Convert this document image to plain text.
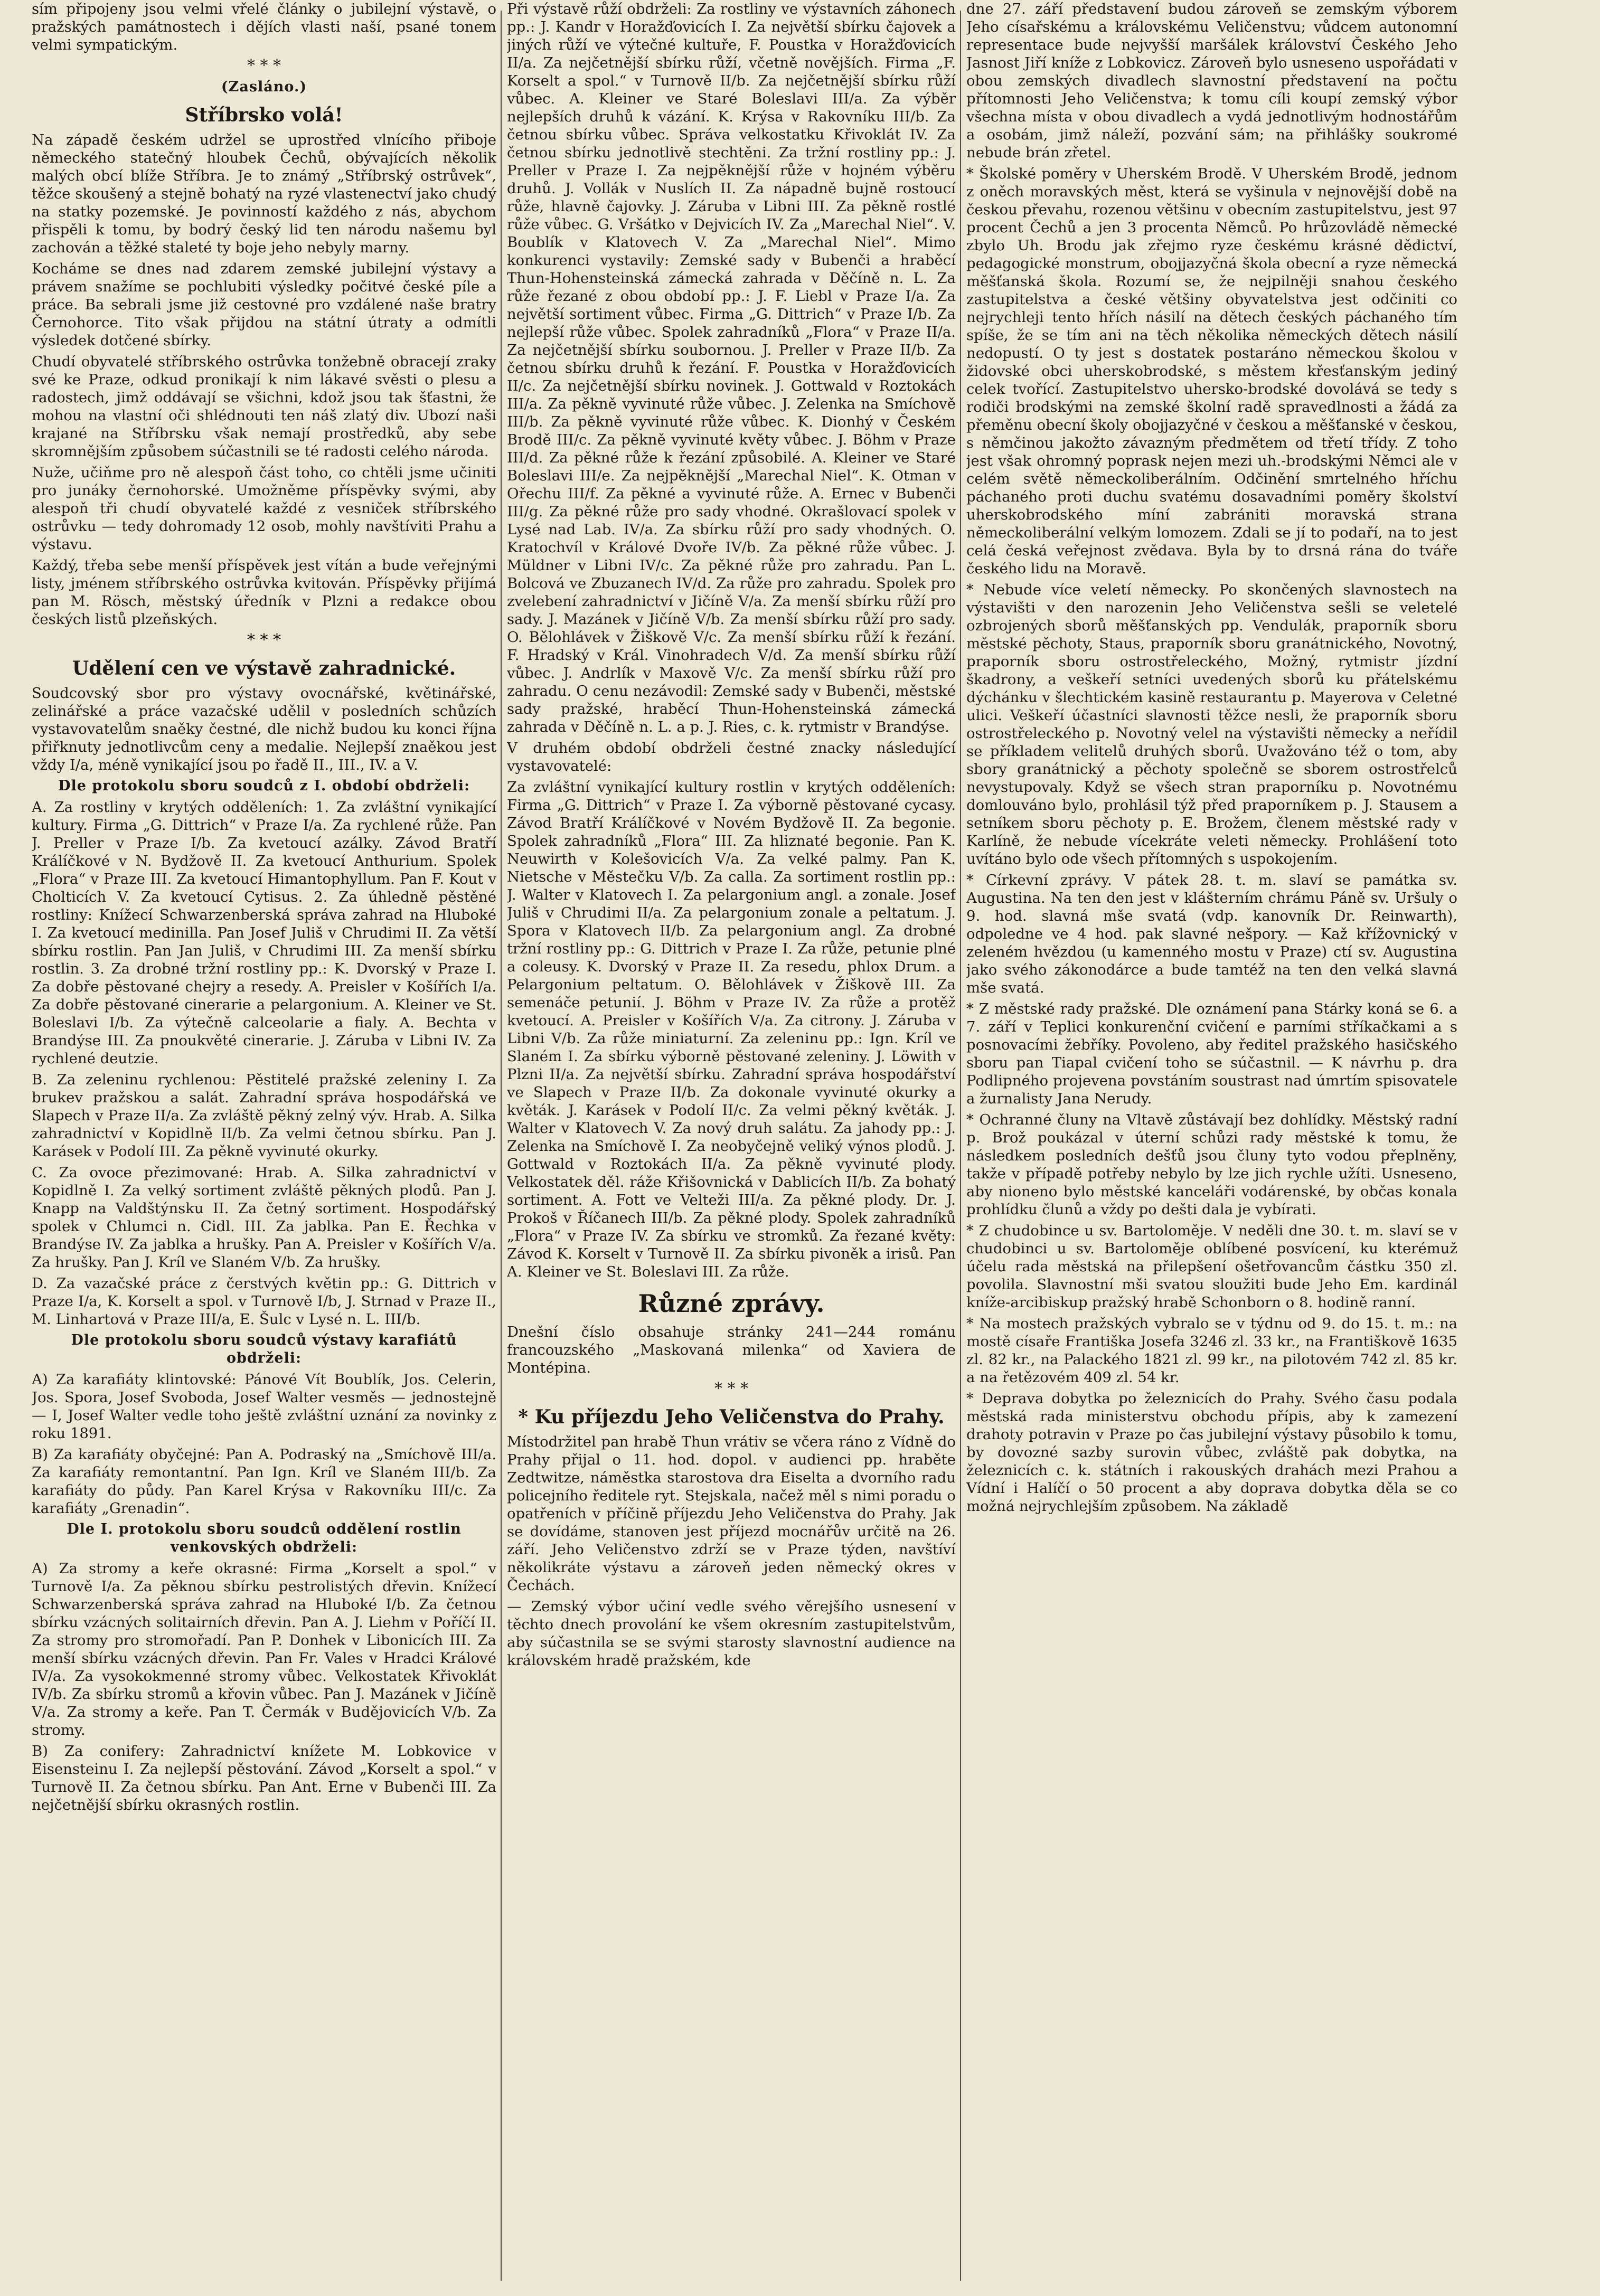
sím připojeny jsou velmi vřelé články o jubilejní výstavě, o pražských památnostech i dějích vlasti naší, psané tonem velmi sympatickým.

* * *

(Zasláno.)

Stříbrsko volá!

Na západě českém udržel se uprostřed vlnícího přiboje německého statečný hloubek Čechů, obývajících několik malých obcí blíže Stříbra. Je to známý „Stříbrský ostrůvek“, těžce skoušený a stejně bohatý na ryzé vlastenectví jako chudý na statky pozemské. Je povinností každého z nás, abychom přispěli k tomu, by bodrý český lid ten národu našemu byl zachován a těžké staleté ty boje jeho nebyly marny.

Kocháme se dnes nad zdarem zemské jubilejní výstavy a právem snažíme se pochlubiti výsledky počitvé české píle a práce. Ba sebrali jsme již cestovné pro vzdálené naše bratry Černohorce. Tito však přijdou na státní útraty a odmítli výsledek dotčené sbírky.

Chudí obyvatelé stříbrského ostrůvka tonžebně obracejí zraky své ke Praze, odkud pronikají k nim lákavé svěsti o plesu a radostech, jimž oddávají se všichni, kdož jsou tak šťastni, že mohou na vlastní oči shlédnouti ten náš zlatý div. Ubozí naši krajané na Stříbrsku však nemají prostředků, aby sebe skromnějším způsobem súčastnili se té radosti celého národa.

Nuže, učiňme pro ně alespoň část toho, co chtěli jsme učiniti pro junáky černohorské. Umožněme příspěvky svými, aby alespoň tři chudí obyvatelé každé z vesniček stříbrského ostrůvku — tedy dohromady 12 osob, mohly navštíviti Prahu a výstavu.

Každý, třeba sebe menší příspěvek jest vítán a bude veřejnými listy, jménem stříbrského ostrůvka kvitován. Příspěvky přijímá pan M. Rösch, městský úředník v Plzni a redakce obou českých listů plzeňských.

* * *

Udělení cen ve výstavě zahradnické.

Soudcovský sbor pro výstavy ovocnářské, květinářské, zelinářské a práce vazačské udělil v posledních schůzích vystavovatelům snaěky čestné, dle nichž budou ku konci října přiřknuty jednotlivcům ceny a medalie. Nejlepší znaěkou jest vždy I/a, méně vynikající jsou po řadě II., III., IV. a V.

Dle protokolu sboru soudců z I. období obdrželi:

A. Za rostliny v krytých odděleních: 1. Za zvláštní vynikající kultury. Firma „G. Dittrich“ v Praze I/a. Za rychlené růže. Pan J. Preller v Praze I/b. Za kvetoucí azálky. Závod Bratří Králíčkové v N. Bydžově II. Za kvetoucí Anthurium. Spolek „Flora“ v Praze III. Za kvetoucí Himantophyllum. Pan F. Kout v Cholticích V. Za kvetoucí Cytisus. 2. Za úhledně pěstěné rostliny: Knížecí Schwarzenberská správa zahrad na Hluboké I. Za kvetoucí medinilla. Pan Josef Juliš v Chrudimi II. Za větší sbírku rostlin. Pan Jan Juliš, v Chrudimi III. Za menší sbírku rostlin. 3. Za drobné tržní rostliny pp.: K. Dvorský v Praze I. Za dobře pěstované chejry a resedy. A. Preisler v Košířích I/a. Za dobře pěstované cinerarie a pelargonium. A. Kleiner ve St. Boleslavi I/b. Za výtečně calceolarie a fialy. A. Bechta v Brandýse III. Za pnoukvěté cinerarie. J. Záruba v Libni IV. Za rychlené deutzie.

B. Za zeleninu rychlenou: Pěstitelé pražské zeleniny I. Za brukev pražskou a salát. Zahradní správa hospodářská ve Slapech v Praze II/a. Za zvláště pěkný zelný výv. Hrab. A. Silka zahradnictví v Kopidlně II/b. Za velmi četnou sbírku. Pan J. Karásek v Podolí III. Za pěkně vyvinuté okurky.

C. Za ovoce přezimované: Hrab. A. Silka zahradnictví v Kopidlně I. Za velký sortiment zvláště pěkných plodů. Pan J. Knapp na Valdštýnsku II. Za četný sortiment. Hospodářský spolek v Chlumci n. Cidl. III. Za jablka. Pan E. Řechka v Brandýse IV. Za jablka a hrušky. Pan A. Preisler v Košířích V/a. Za hrušky. Pan J. Kríl ve Slaném V/b. Za hrušky.

D. Za vazačské práce z čerstvých květin pp.: G. Dittrich v Praze I/a, K. Korselt a spol. v Turnově I/b, J. Strnad v Praze II., M. Linhartová v Praze III/a, E. Šulc v Lysé n. L. III/b.

Dle protokolu sboru soudců výstavy karafiátů obdrželi:

A) Za karafiáty klintovské: Pánové Vít Boublík, Jos. Celerin, Jos. Spora, Josef Svoboda, Josef Walter vesměs — jednostejně — I, Josef Walter vedle toho ještě zvláštní uznání za novinky z roku 1891.

B) Za karafiáty obyčejné: Pan A. Podraský na „Smíchově III/a. Za karafiáty remontantní. Pan Ign. Kríl ve Slaném III/b. Za karafiáty do půdy. Pan Karel Krýsa v Rakovníku III/c. Za karafiáty „Grenadin“.

Dle I. protokolu sboru soudců oddělení rostlin venkovských obdrželi:

A) Za stromy a keře okrasné: Firma „Korselt a spol.“ v Turnově I/a. Za pěknou sbírku pestrolistých dřevin. Knížecí Schwarzenberská správa zahrad na Hluboké I/b. Za četnou sbírku vzácných solitairních dřevin. Pan A. J. Liehm v Poříčí II. Za stromy pro stromořadí. Pan P. Donhek v Libonicích III. Za menší sbírku vzácných dřevin. Pan Fr. Vales v Hradci Králové IV/a. Za vysokokmenné stromy vůbec. Velkostatek Křivoklát IV/b. Za sbírku stromů a křovin vůbec. Pan J. Mazánek v Jičíně V/a. Za stromy a keře. Pan T. Čermák v Budějovicích V/b. Za stromy.

B) Za conifery: Zahradnictví knížete M. Lobkovice v Eisensteinu I. Za nejlepší pěstování. Závod „Korselt a spol.“ v Turnově II. Za četnou sbírku. Pan Ant. Erne v Bubenči III. Za nejčetnější sbírku okrasných rostlin.

Při výstavě růží obdrželi: Za rostliny ve výstavních záhonech pp.: J. Kandr v Horažďovicích I. Za největší sbírku čajovek a jiných růží ve výtečné kultuře, F. Poustka v Horažďovicích II/a. Za nejčetnější sbírku růží, včetně novějších. Firma „F. Korselt a spol.“ v Turnově II/b. Za nejčetnější sbírku růží vůbec. A. Kleiner ve Staré Boleslavi III/a. Za výběr nejlepších druhů k vázání. K. Krýsa v Rakovníku III/b. Za četnou sbírku vůbec. Správa velkostatku Křivoklát IV. Za četnou sbírku jednotlivě stechtěni. Za tržní rostliny pp.: J. Preller v Praze I. Za nejpěknější růže v hojném výběru druhů. J. Vollák v Nuslích II. Za nápadně bujně rostoucí růže, hlavně čajovky. J. Záruba v Libni III. Za pěkně rostlé růže vůbec. G. Vršátko v Dejvicích IV. Za „Marechal Niel“. V. Boublík v Klatovech V. Za „Marechal Niel“. Mimo konkurenci vystavily: Zemské sady v Bubenči a hraběcí Thun-Hohensteinská zámecká zahrada v Děčíně n. L. Za růže řezané z obou období pp.: J. F. Liebl v Praze I/a. Za největší sortiment vůbec. Firma „G. Dittrich“ v Praze I/b. Za nejlepší růže vůbec. Spolek zahradníků „Flora“ v Praze II/a. Za nejčetnější sbírku soubornou. J. Preller v Praze II/b. Za četnou sbírku druhů k řezání. F. Poustka v Horažďovicích II/c. Za nejčetnější sbírku novinek. J. Gottwald v Roztokách III/a. Za pěkně vyvinuté růže vůbec. J. Zelenka na Smíchově III/b. Za pěkně vyvinuté růže vůbec. K. Dionhý v Českém Brodě III/c. Za pěkně vyvinuté květy vůbec. J. Böhm v Praze III/d. Za pěkné růže k řezání způsobilé. A. Kleiner ve Staré Boleslavi III/e. Za nejpěknější „Marechal Niel“. K. Otman v Ořechu III/f. Za pěkné a vyvinuté růže. A. Ernec v Bubenči III/g. Za pěkné růže pro sady vhodné. Okrašlovací spolek v Lysé nad Lab. IV/a. Za sbírku růží pro sady vhodných. O. Kratochvíl v Králové Dvoře IV/b. Za pěkné růže vůbec. J. Müldner v Libni IV/c. Za pěkné růže pro zahradu. Pan L. Bolcová ve Zbuzanech IV/d. Za růže pro zahradu. Spolek pro zvelebení zahradnictví v Jičíně V/a. Za menší sbírku růží pro sady. J. Mazánek v Jičíně V/b. Za menší sbírku růží pro sady. O. Bělohlávek v Žiškově V/c. Za menší sbírku růží k řezání. F. Hradský v Král. Vinohradech V/d. Za menší sbírku růží vůbec. J. Andrlík v Maxově V/c. Za menší sbírku růží pro zahradu. O cenu nezávodil: Zemské sady v Bubenči, městské sady pražské, hraběcí Thun-Hohensteinská zámecká zahrada v Děčíně n. L. a p. J. Ries, c. k. rytmistr v Brandýse.

V druhém období obdrželi čestné znacky následující vystavovatelé:

Za zvláštní vynikající kultury rostlin v krytých odděleních: Firma „G. Dittrich“ v Praze I. Za výborně pěstované cycasy. Závod Bratří Králíčkové v Novém Bydžově II. Za begonie. Spolek zahradníků „Flora“ III. Za hliznaté begonie. Pan K. Neuwirth v Kolešovicích V/a. Za velké palmy. Pan K. Nietsche v Městečku V/b. Za calla. Za sortiment rostlin pp.: J. Walter v Klatovech I. Za pelargonium angl. a zonale. Josef Juliš v Chrudimi II/a. Za pelargonium zonale a peltatum. J. Spora v Klatovech II/b. Za pelargonium angl. Za drobné tržní rostliny pp.: G. Dittrich v Praze I. Za růže, petunie plné a coleusy. K. Dvorský v Praze II. Za resedu, phlox Drum. a Pelargonium peltatum. O. Bělohlávek v Žiškově III. Za semenáče petunií. J. Böhm v Praze IV. Za růže a protěž kvetoucí. A. Preisler v Košířích V/a. Za citrony. J. Záruba v Libni V/b. Za růže miniaturní. Za zeleninu pp.: Ign. Kríl ve Slaném I. Za sbírku výborně pěstované zeleniny. J. Löwith v Plzni II/a. Za největší sbírku. Zahradní správa hospodářství ve Slapech v Praze II/b. Za dokonale vyvinuté okurky a květák. J. Karásek v Podolí II/c. Za velmi pěkný květák. J. Walter v Klatovech V. Za nový druh salátu. Za jahody pp.: J. Zelenka na Smíchově I. Za neobyčejně veliký výnos plodů. J. Gottwald v Roztokách II/a. Za pěkně vyvinuté plody. Velkostatek děl. ráže Křišovnická v Dablicích II/b. Za bohatý sortiment. A. Fott ve Velteži III/a. Za pěkné plody. Dr. J. Prokoš v Říčanech III/b. Za pěkné plody. Spolek zahradníků „Flora“ v Praze IV. Za sbírku ve stromků. Za řezané květy: Závod K. Korselt v Turnově II. Za sbírku pivoněk a irisů. Pan A. Kleiner ve St. Boleslavi III. Za růže.

Různé zprávy.

Dnešní číslo obsahuje stránky 241—244 románu francouzského „Maskovaná milenka“ od Xaviera de Montépina.

* * *

* Ku příjezdu Jeho Veličenstva do Prahy.

Místodržitel pan hrabě Thun vrátiv se včera ráno z Vídně do Prahy přijal o 11. hod. dopol. v audienci pp. hraběte Zedtwitze, náměstka starostova dra Eiselta a dvorního radu policejního ředitele ryt. Stejskala, načež měl s nimi poradu o opatřeních v příčině příjezdu Jeho Veličenstva do Prahy. Jak se dovídáme, stanoven jest příjezd mocnářův určitě na 26. září. Jeho Veličenstvo zdrží se v Praze týden, navštíví několikráte výstavu a zároveň jeden německý okres v Čechách.

— Zemský výbor učiní vedle svého věrejšího usnesení v těchto dnech provolání ke všem okresním zastupitelstvům, aby súčastnila se se svými starosty slavnostní audience na královském hradě pražském, kde

dne 27. září představení budou zároveň se zemským výborem Jeho císařskému a královskému Veličenstvu; vůdcem autonomní representace bude nejvyšší maršálek království Českého Jeho Jasnost Jiří kníže z Lobkovicz. Zároveň bylo usneseno uspořádati v obou zemských divadlech slavnostní představení na počtu přítomnosti Jeho Veličenstva; k tomu cíli koupí zemský výbor všechna místa v obou divadlech a vydá jednotlivým hodnostářům a osobám, jimž náleží, pozvání sám; na přihlášky soukromé nebude brán zřetel.

* Školské poměry v Uherském Brodě. V Uherském Brodě, jednom z oněch moravských měst, která se vyšinula v nejnovější době na českou převahu, rozenou většinu v obecním zastupitelstvu, jest 97 procent Čechů a jen 3 procenta Němců. Po hrůzovládě německé zbylo Uh. Brodu jak zřejmo ryze českému krásné dědictví, pedagogické monstrum, obojjazyčná škola obecní a ryze německá měšťanská škola. Rozumí se, že nejpilněji snahou českého zastupitelstva a české většiny obyvatelstva jest odčiniti co nejrychleji tento hřích násilí na dětech českých páchaného tím spíše, že se tím ani na těch několika německých dětech násilí nedopustí. O ty jest s dostatek postaráno německou školou v židovské obci uherskobrodské, s městem křesťanským jediný celek tvořící. Zastupitelstvo uhersko-brodské dovolává se tedy s rodiči brodskými na zemské školní radě spravedlnosti a žádá za přeměnu obecní školy obojjazyčné v českou a měšťanské v českou, s němčinou jakožto závazným předmětem od třetí třídy. Z toho jest však ohromný poprask nejen mezi uh.-brodskými Němci ale v celém světě německoliberálním. Odčinění smrtelného hříchu páchaného proti duchu svatému dosavadními poměry školství uherskobrodského míní zabrániti moravská strana německoliberální velkým lomozem. Zdali se jí to podaří, na to jest celá česká veřejnost zvědava. Byla by to drsná rána do tváře českého lidu na Moravě.

* Nebude více veletí německy. Po skončených slavnostech na výstavišti v den narozenin Jeho Veličenstva sešli se veletelé ozbrojených sborů měšťanských pp. Vendulák, praporník sboru městské pěchoty, Staus, praporník sboru granátnického, Novotný, praporník sboru ostrostřeleckého, Možný, rytmistr jízdní škadrony, a veškeří setníci uvedených sborů ku přátelskému dýchánku v šlechtickém kasině restaurantu p. Mayerova v Celetné ulici. Veškeří účastníci slavnosti těžce nesli, že praporník sboru ostrostřeleckého p. Novotný velel na výstavišti německy a neřídil se příkladem velitelů druhých sborů. Uvažováno též o tom, aby sbory granátnický a pěchoty společně se sborem ostrostřelců nevystupovaly. Když se všech stran praporníku p. Novotnému domlouváno bylo, prohlásil týž před praporníkem p. J. Stausem a setníkem sboru pěchoty p. E. Brožem, členem městské rady v Karlíně, že nebude vícekráte veleti německy. Prohlášení toto uvítáno bylo ode všech přítomných s uspokojením.

* Církevní zprávy. V pátek 28. t. m. slaví se památka sv. Augustina. Na ten den jest v klášterním chrámu Páně sv. Uršuly o 9. hod. slavná mše svatá (vdp. kanovník Dr. Reinwarth), odpoledne ve 4 hod. pak slavné nešpory. — Kaž křížovnický v zeleném hvězdou (u kamenného mostu v Praze) ctí sv. Augustina jako svého zákonodárce a bude tamtéž na ten den velká slavná mše svatá.

* Z městské rady pražské. Dle oznámení pana Stárky koná se 6. a 7. září v Teplici konkurenční cvičení e parními stříkačkami a s posnovacími žebříky. Povoleno, aby ředitel pražského hasičského sboru pan Tiapal cvičení toho se súčastnil. — K návrhu p. dra Podlipného projevena povstáním soustrast nad úmrtím spisovatele a žurnalisty Jana Nerudy.

* Ochranné čluny na Vltavě zůstávají bez dohlídky. Městský radní p. Brož poukázal v úterní schůzi rady městské k tomu, že následkem posledních dešťů jsou čluny tyto vodou přeplněny, takže v případě potřeby nebylo by lze jich rychle užíti. Usneseno, aby nioneno bylo městské kanceláři vodárenské, by občas konala prohlídku člunů a vždy po dešti dala je vybírati.

* Z chudobince u sv. Bartoloměje. V neděli dne 30. t. m. slaví se v chudobinci u sv. Bartoloměje oblíbené posvícení, ku kterémuž účelu rada městská na přilepšení ošetřovancům částku 350 zl. povolila. Slavnostní mši svatou sloužiti bude Jeho Em. kardinál kníže-arcibiskup pražský hrabě Schonborn o 8. hodině ranní.

* Na mostech pražských vybralo se v týdnu od 9. do 15. t. m.: na mostě císaře Františka Josefa 3246 zl. 33 kr., na Františkově 1635 zl. 82 kr., na Palackého 1821 zl. 99 kr., na pilotovém 742 zl. 85 kr. a na řetězovém 409 zl. 54 kr.

* Deprava dobytka po železnicích do Prahy. Svého času podala městská rada ministerstvu obchodu přípis, aby k zamezení drahoty potravin v Praze po čas jubilejní výstavy působilo k tomu, by dovozné sazby surovin vůbec, zvláště pak dobytka, na železnicích c. k. státních i rakouských drahách mezi Prahou a Vídní i Halíčí o 50 procent a aby doprava dobytka děla se co možná nejrychlejším způsobem. Na základě
